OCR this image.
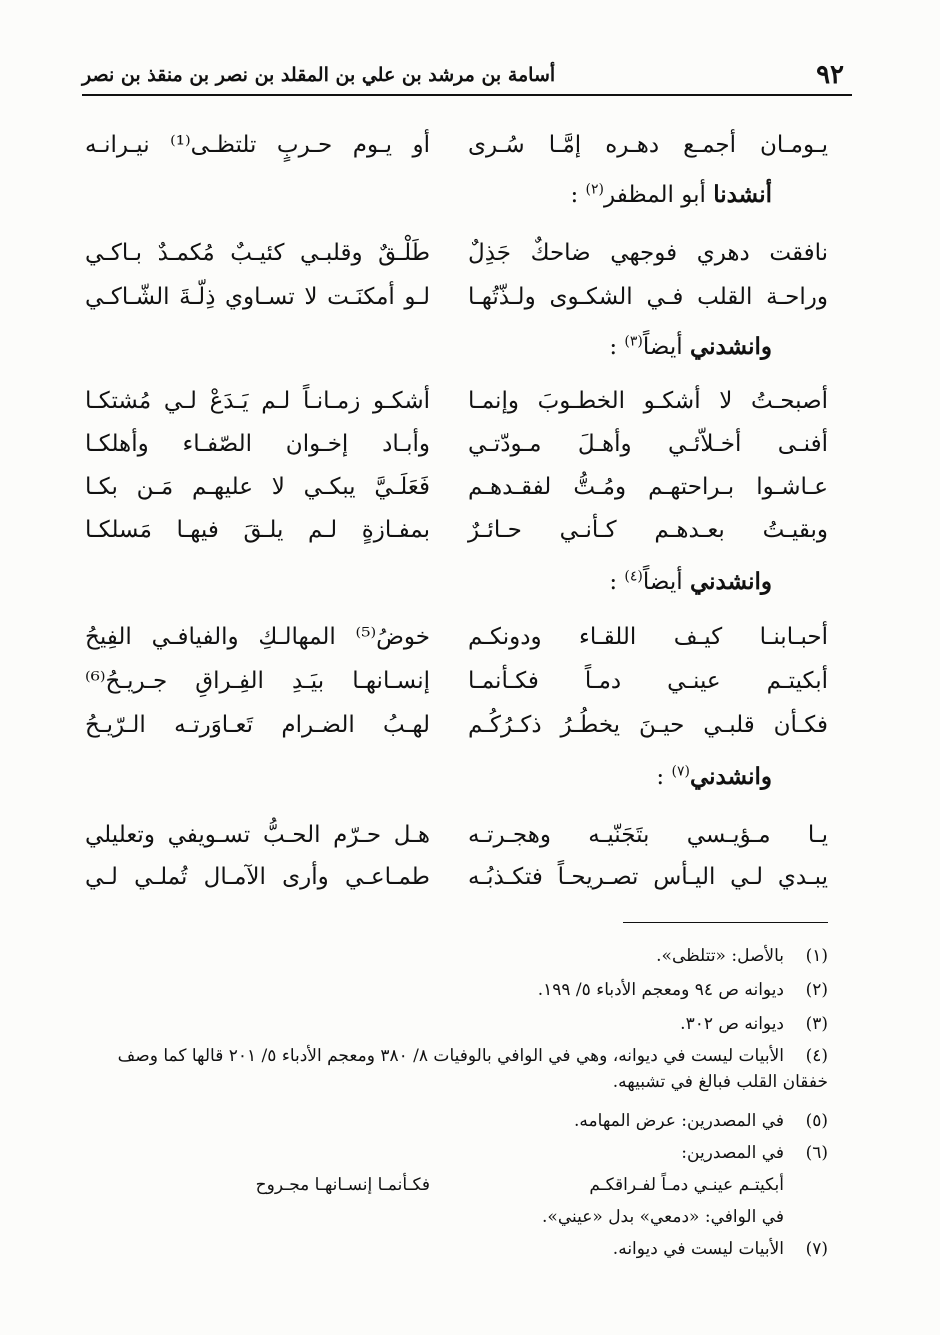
٩٢
أسامة بن مرشد بن علي بن المقلد بن نصر بن منقذ بن نصر
يـومـان أجمـع دهـره إمَّـا سُـرى
أو يـوم حـربٍ تلتظـى⁽¹⁾ نيـرانـه
أنشدنا أبو المظفر$^{(٢)}$ :
نافقت دهري فوجهي ضاحكٌ جَذِلٌ
طَلْـقٌ وقلبـي كئيـبٌ مُكمـدٌ بـاكـي
وراحـة القلب فـي الشكـوى ولـذّتُهـا
لـو أمكنَـت لا تسـاوي ذِلّـةَ الشّـاكـي
وانشدني أيضاً$^{(٣)}$ :
أصبحـتُ لا أشكـو الخطـوبَ وإنمـا
أشكـو زمـانـاً لـم يَـدَعْ لـي مُشتكـا
أفنـى أخـلاّئـي وأهـلَ مـودّتـي
وأبـاد إخـوان الصّفـاء وأهلكـا
عـاشـوا بـراحتهـم ومُـتُّ لفقـدهـم
فَعَلَـيَّ يبكـي لا عليهـم مَـن بكـا
وبقيـتُ بعـدهـم كـأنـي حـائـرٌ
بمفـازةٍ لـم يلـقَ فيهـا مَسلكـا
وانشدني أيضاً$^{(٤)}$ :
أحبـابنـا كيـف اللقـاء ودونكـم
خوضُ⁽⁵⁾ المهالـكِ والفيافـي الفِيحُ
أبكيتـم عينـي دمـاً فكـأنمـا
إنسـانهـا بيَـدِ الفِـراقِ جـريـحُ⁽⁶⁾
فكـأن قلبـي حيـنَ يخطُـرُ ذكـرُكُـم
لهـبُ الضـرام تَعـاوَرتـه الـرّيـحُ
وانشدني$^{(٧)}$ :
يـا مـؤيـسي بتَجَنّيـه وهجـرتـه
هـل حـرّم الحـبُّ تسـويفي وتعليلي
يبـدي لـي اليـأس تصـريحـاً فتكـذبُـه
طمـاعـي وأرى الآمـال تُملـي لـي
(١)بالأصل: «تتلظى».
(٢)ديوانه ص ٩٤ ومعجم الأدباء ٥/ ١٩٩.
(٣)ديوانه ص ٣٠٢.
(٤)الأبيات ليست في ديوانه، وهي في الوافي بالوفيات ٨/ ٣٨٠ ومعجم الأدباء ٥/ ٢٠١ قالها كما وصف خفقان القلب فبالغ في تشبيهه.
(٥)في المصدرين: عرض المهامه.
(٦)في المصدرين:
أبكيتـم عينـي دمـاً لفـراقكـم
فكـأنمـا إنسـانهـا مجـروح
في الوافي: «دمعي» بدل «عيني».
(٧)الأبيات ليست في ديوانه.
